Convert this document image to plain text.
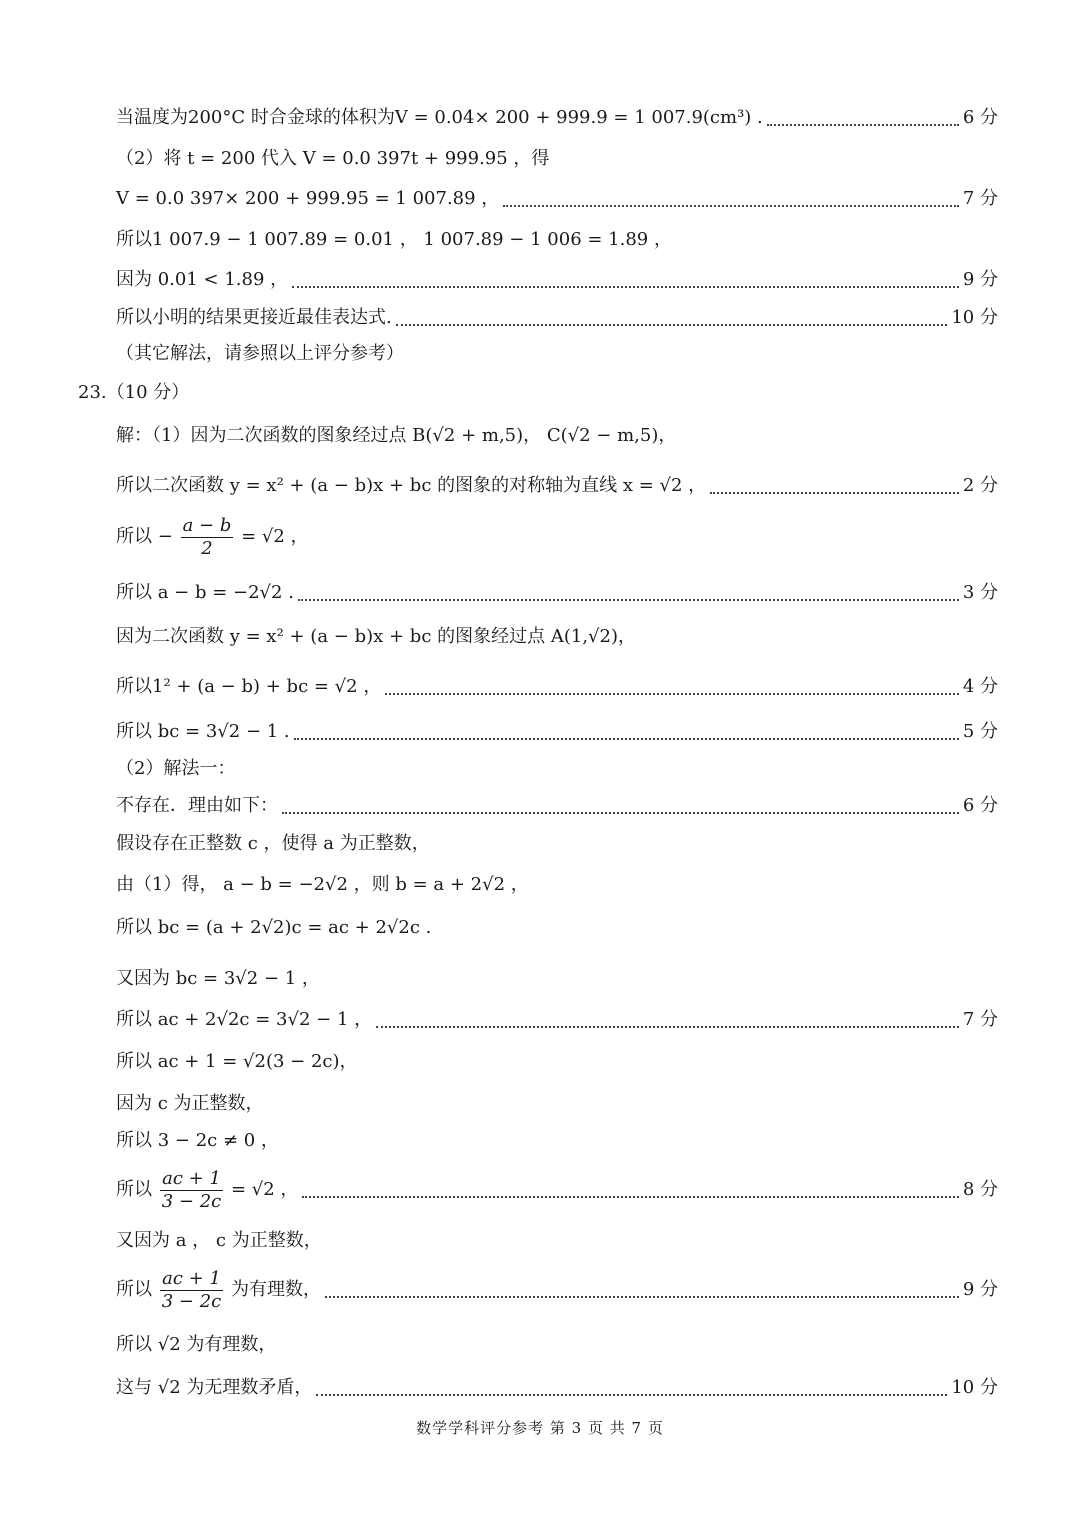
当温度为200°C 时合金球的体积为V = 0.04× 200 + 999.9 = 1 007.9(cm³) .	6 分
（2）将 t = 200 代入 V = 0.0 397t + 999.95 ，得
V = 0.0 397× 200 + 999.95 = 1 007.89 ，	7 分
所以1 007.9 − 1 007.89 = 0.01 ， 1 007.89 − 1 006 = 1.89 ，
因为 0.01 < 1.89 ，	9 分
所以小明的结果更接近最佳表达式.	10 分
（其它解法，请参照以上评分参考）
23.（10 分）
解：（1）因为二次函数的图象经过点 B(√2 + m,5)， C(√2 − m,5)，
所以二次函数 y = x² + (a − b)x + bc 的图象的对称轴为直线 x = √2 ，	2 分
所以 − $\frac{a - b}{2} = √2$ ，
所以 a − b = −2√2 .	3 分
因为二次函数 y = x² + (a − b)x + bc 的图象经过点 A(1,√2)，
所以1² + (a − b) + bc = √2 ，	4 分
所以 bc = 3√2 − 1 .	5 分
（2）解法一：
不存在．理由如下：	6 分
假设存在正整数 c ，使得 a 为正整数，
由（1）得， a − b = −2√2 ，则 b = a + 2√2 ，
所以 bc = (a + 2√2)c = ac + 2√2c .
又因为 bc = 3√2 − 1 ，
所以 ac + 2√2c = 3√2 − 1 ，	7 分
所以 ac + 1 = √2(3 − 2c)，
因为 c 为正整数，
所以 3 − 2c ≠ 0 ，
所以 $\frac{ac + 1}{3 - 2c} = √2$ ，	8 分
又因为 a ， c 为正整数，
所以 $\frac{ac + 1}{3 - 2c}$ 为有理数，	9 分
所以 √2 为有理数，
这与 √2 为无理数矛盾，	10 分
数学学科评分参考 第 3 页 共 7 页
